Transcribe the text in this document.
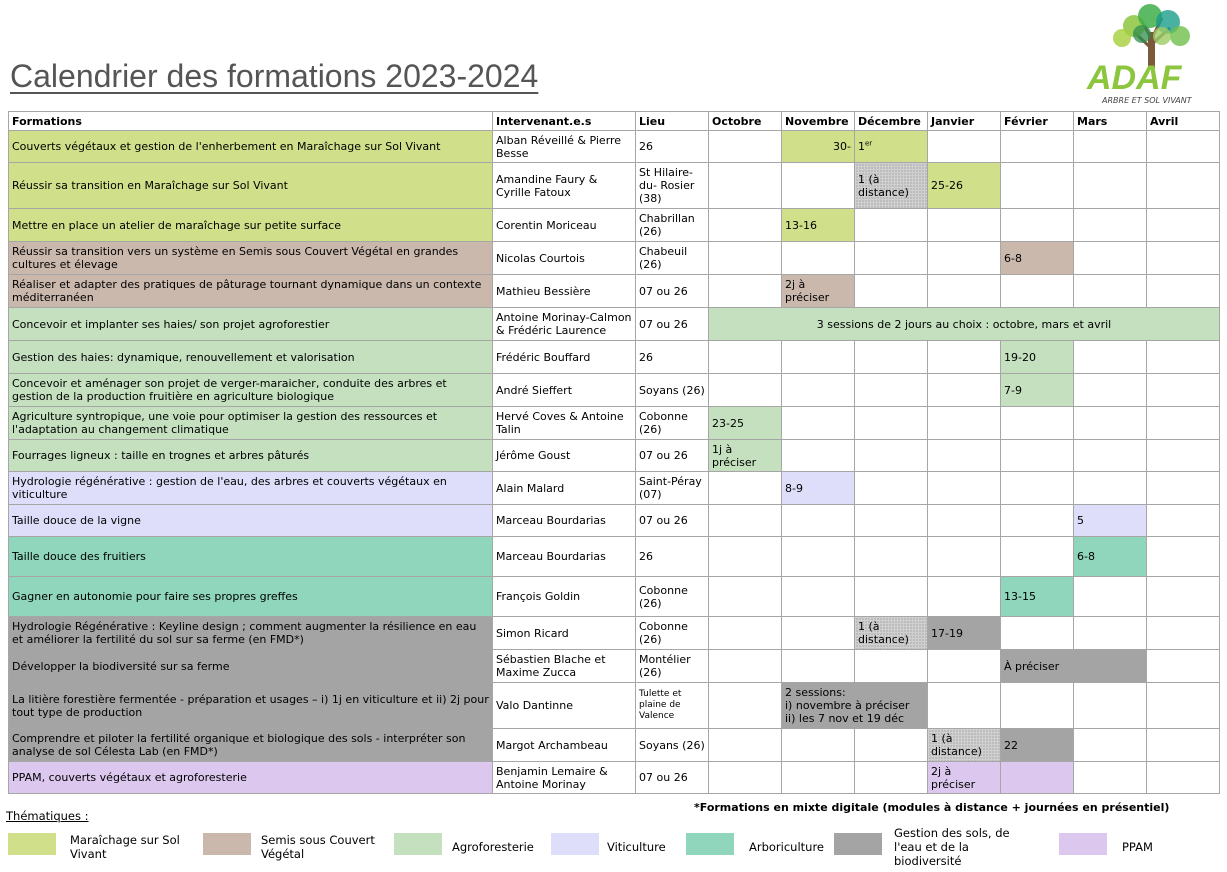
Calendrier des formations 2023-2024	ADAF
ARBRE ET SOL VIVANT
Formations	Intervenant.e.s	Lieu	Octobre	Novembre	Décembre	Janvier	Février	Mars	Avril
Couverts végétaux et gestion de l'enherbement en Maraîchage sur Sol Vivant	Alban Réveillé & Pierre Besse	26		30-	1er				
Réussir sa transition en Maraîchage sur Sol Vivant	Amandine Faury & Cyrille Fatoux	St Hilaire-du- Rosier (38)			1 (à distance)	25-26			
Mettre en place un atelier de maraîchage sur petite surface	Corentin Moriceau	Chabrillan (26)		13-16					
Réussir sa transition vers un système en Semis sous Couvert Végétal en grandes cultures et élevage	Nicolas Courtois	Chabeuil (26)					6-8		
Réaliser et adapter des pratiques de pâturage tournant dynamique dans un contexte méditerranéen	Mathieu Bessière	07 ou 26		2j à préciser					
Concevoir et implanter ses haies/ son projet agroforestier	Antoine Morinay-Calmon & Frédéric Laurence	07 ou 26	3 sessions de 2 jours au choix : octobre, mars et avril						
Gestion des haies: dynamique, renouvellement et valorisation	Frédéric Bouffard	26					19-20		
Concevoir et aménager son projet de verger-maraicher, conduite des arbres et gestion de la production fruitière en agriculture biologique	André Sieffert	Soyans (26)					7-9		
Agriculture syntropique, une voie pour optimiser la gestion des ressources et l'adaptation au changement climatique	Hervé Coves & Antoine Talin	Cobonne (26)	23-25						
Fourrages ligneux : taille en trognes et arbres pâturés	Jérôme Goust	07 ou 26	1j à préciser						
Hydrologie régénérative : gestion de l'eau, des arbres et couverts végétaux en viticulture	Alain Malard	Saint-Péray (07)		8-9					
Taille douce de la vigne	Marceau Bourdarias	07 ou 26						5	
Taille douce des fruitiers	Marceau Bourdarias	26						6-8	
Gagner en autonomie pour faire ses propres greffes	François Goldin	Cobonne (26)					13-15		
Hydrologie Régénérative : Keyline design ; comment augmenter la résilience en eau et améliorer la fertilité du sol sur sa ferme (en FMD*)	Simon Ricard	Cobonne (26)			1 (à distance)	17-19			
Développer la biodiversité sur sa ferme	Sébastien Blache et Maxime Zucca	Montélier (26)					À préciser		
La litière forestière fermentée - préparation et usages – i) 1j en viticulture et ii) 2j pour tout type de production	Valo Dantinne	Tulette et plaine de Valence		2 sessions:
i) novembre à préciser
ii) les 7 nov et 19 déc					

Comprendre et piloter la fertilité organique et biologique des sols - interpréter son analyse de sol Célesta Lab (en FMD*)	Margot Archambeau	Soyans (26)				1 (à distance)	22		
PPAM, couverts végétaux et agroforesterie	Benjamin Lemaire & Antoine Morinay	07 ou 26				2j à préciser			
*Formations en mixte digitale (modules à distance + journées en présentiel)
Thématiques :
Maraîchage sur Sol Vivant
Semis sous Couvert Végétal	Agroforesterie	Viticulture	Arboriculture
Gestion des sols, de l'eau et de la biodiversité
PPAM
